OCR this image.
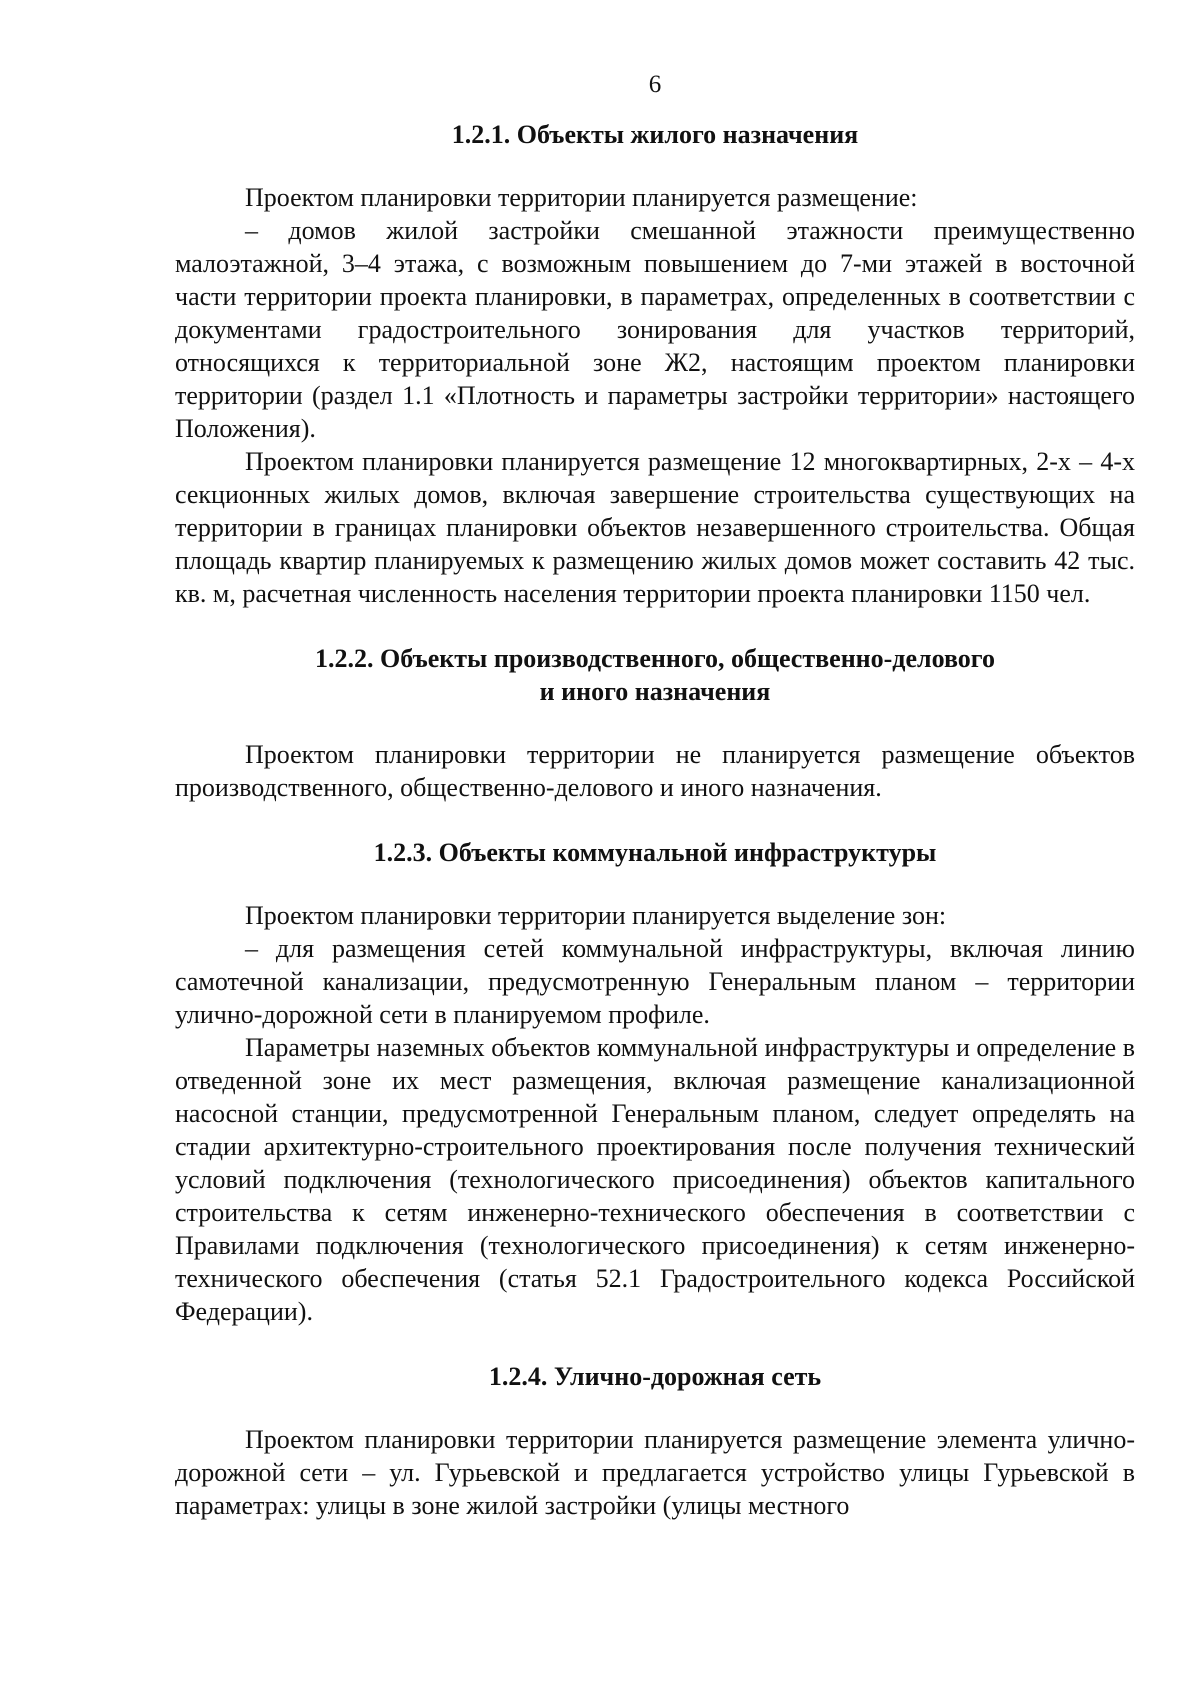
6
1.2.1. Объекты жилого назначения

Проектом планировки территории планируется размещение:

– домов жилой застройки смешанной этажности преимущественно малоэтажной, 3–4 этажа, с возможным повышением до 7-ми этажей в восточной части территории проекта планировки, в параметрах, определенных в соответствии с документами градостроительного зонирования для участков территорий, относящихся к территориальной зоне Ж2, настоящим проектом планировки территории (раздел 1.1 «Плотность и параметры застройки территории» настоящего Положения).

Проектом планировки планируется размещение 12 многоквартирных, 2-х – 4-х секционных жилых домов, включая завершение строительства существующих на территории в границах планировки объектов незавершенного строительства. Общая площадь квартир планируемых к размещению жилых домов может составить 42 тыс. кв. м, расчетная численность населения территории проекта планировки 1150 чел.

1.2.2. Объекты производственного, общественно-делового
и иного назначения

Проектом планировки территории не планируется размещение объектов производственного, общественно-делового и иного назначения.

1.2.3. Объекты коммунальной инфраструктуры

Проектом планировки территории планируется выделение зон:

– для размещения сетей коммунальной инфраструктуры, включая линию самотечной канализации, предусмотренную Генеральным планом – территории улично-дорожной сети в планируемом профиле.

Параметры наземных объектов коммунальной инфраструктуры и определение в отведенной зоне их мест размещения, включая размещение канализационной насосной станции, предусмотренной Генеральным планом, следует определять на стадии архитектурно-строительного проектирования после получения технический условий подключения (технологического присоединения) объектов капитального строительства к сетям инженерно-технического обеспечения в соответствии с Правилами подключения (технологического присоединения) к сетям инженерно-технического обеспечения (статья 52.1 Градостроительного кодекса Российской Федерации).

1.2.4. Улично-дорожная сеть

Проектом планировки территории планируется размещение элемента улично-дорожной сети – ул. Гурьевской и предлагается устройство улицы Гурьевской в параметрах: улицы в зоне жилой застройки (улицы местного
